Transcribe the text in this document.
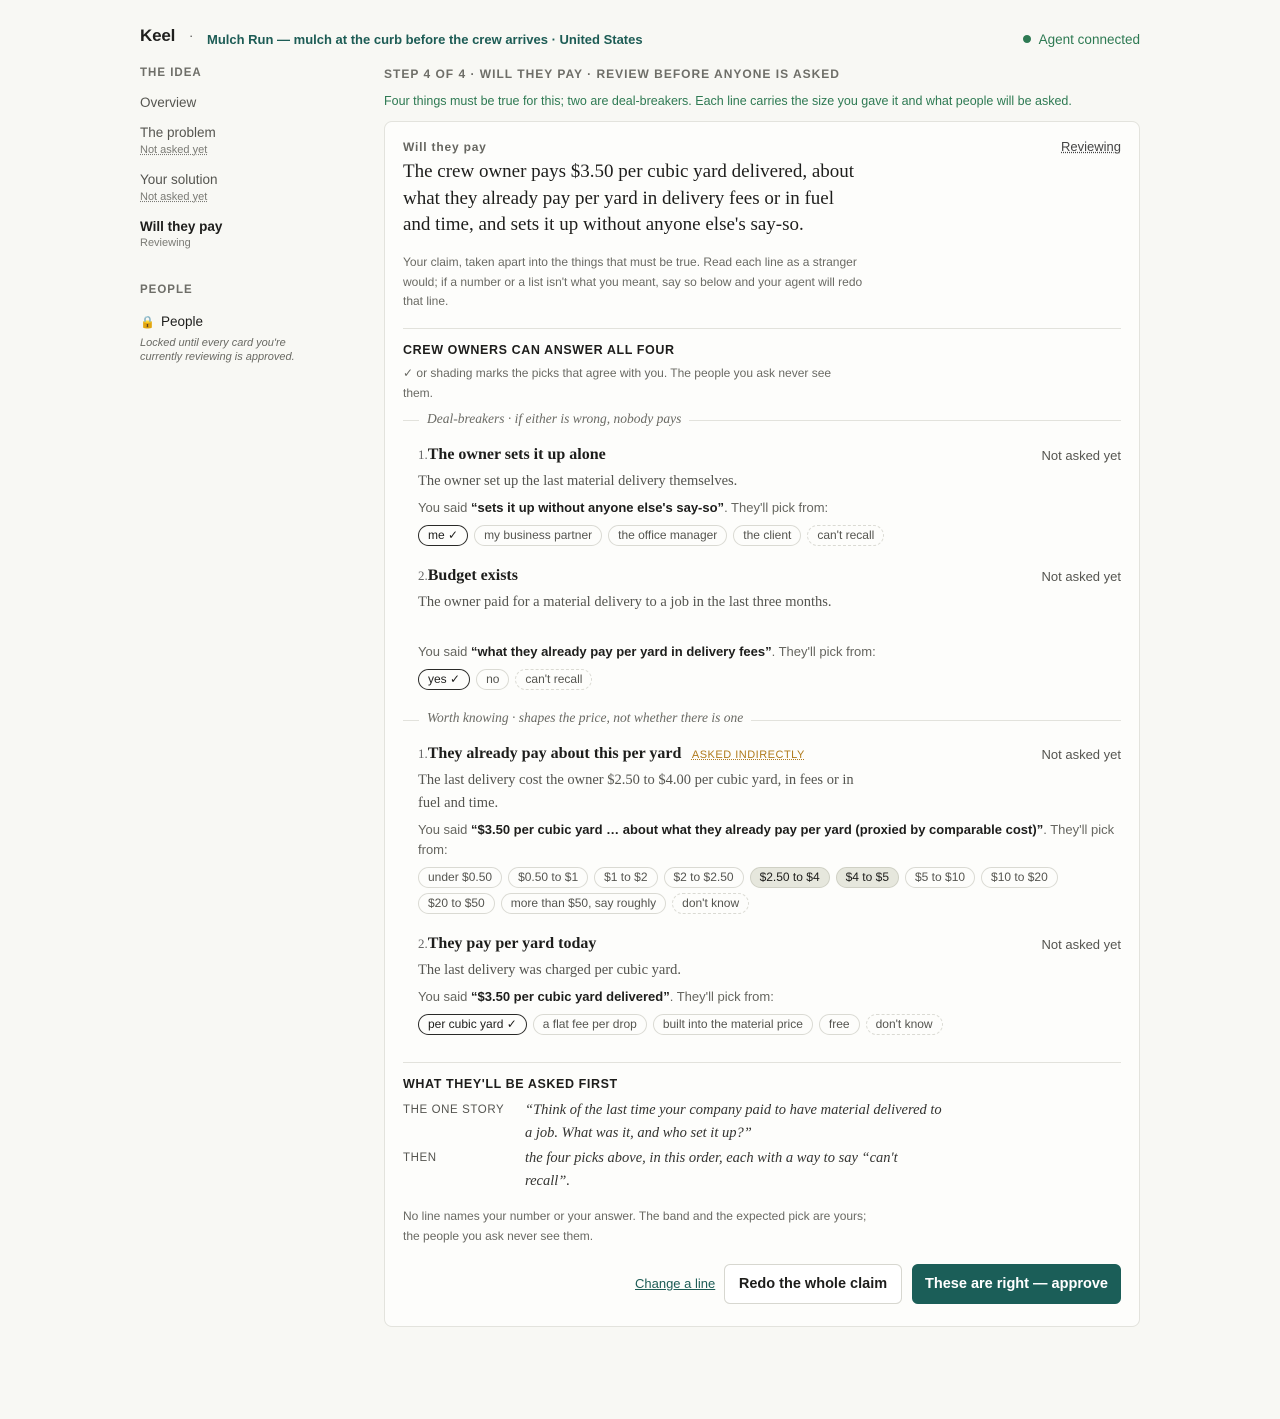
Keel · Mulch Run — mulch at the curb before the crew arrives · United States	Agent connected
THE IDEA
Overview
The problem
Not asked yet
Your solution
Not asked yet
Will they pay
Reviewing
PEOPLE
🔒 People
Locked until every card you're currently reviewing is approved.
STEP 4 OF 4 · WILL THEY PAY · REVIEW BEFORE ANYONE IS ASKED
Four things must be true for this; two are deal-breakers. Each line carries the size you gave it and what people will be asked.
Will they pay	Reviewing
The crew owner pays $3.50 per cubic yard delivered, about what they already pay per yard in delivery fees or in fuel and time, and sets it up without anyone else's say-so.
Your claim, taken apart into the things that must be true. Read each line as a stranger would; if a number or a list isn't what you meant, say so below and your agent will redo that line.
CREW OWNERS CAN ANSWER ALL FOUR
✓ or shading marks the picks that agree with you. The people you ask never see them.
Deal-breakers · if either is wrong, nobody pays
1.The owner sets it up alone	Not asked yet
The owner set up the last material delivery themselves.
You said “sets it up without anyone else's say-so”. They'll pick from:
me ✓	my business partner	the office manager	the client	can't recall
2.Budget exists	Not asked yet
The owner paid for a material delivery to a job in the last three months.
You said “what they already pay per yard in delivery fees”. They'll pick from:
yes ✓	no	can't recall
Worth knowing · shapes the price, not whether there is one
1.They already pay about this per yard ASKED INDIRECTLY	Not asked yet
The last delivery cost the owner $2.50 to $4.00 per cubic yard, in fees or in fuel and time.
You said “$3.50 per cubic yard … about what they already pay per yard (proxied by comparable cost)”. They'll pick from:
under $0.50	$0.50 to $1	$1 to $2	$2 to $2.50	$2.50 to $4	$4 to $5	$5 to $10	$10 to $20
$20 to $50	more than $50, say roughly	don't know
2.They pay per yard today	Not asked yet
The last delivery was charged per cubic yard.
You said “$3.50 per cubic yard delivered”. They'll pick from:
per cubic yard ✓	a flat fee per drop	built into the material price	free	don't know
WHAT THEY'LL BE ASKED FIRST
THE ONE STORY “Think of the last time your company paid to have material delivered to a job. What was it, and who set it up?”
THEN	the four picks above, in this order, each with a way to say “can't recall”.
No line names your number or your answer. The band and the expected pick are yours; the people you ask never see them.
Change a line	Redo the whole claim	These are right — approve
